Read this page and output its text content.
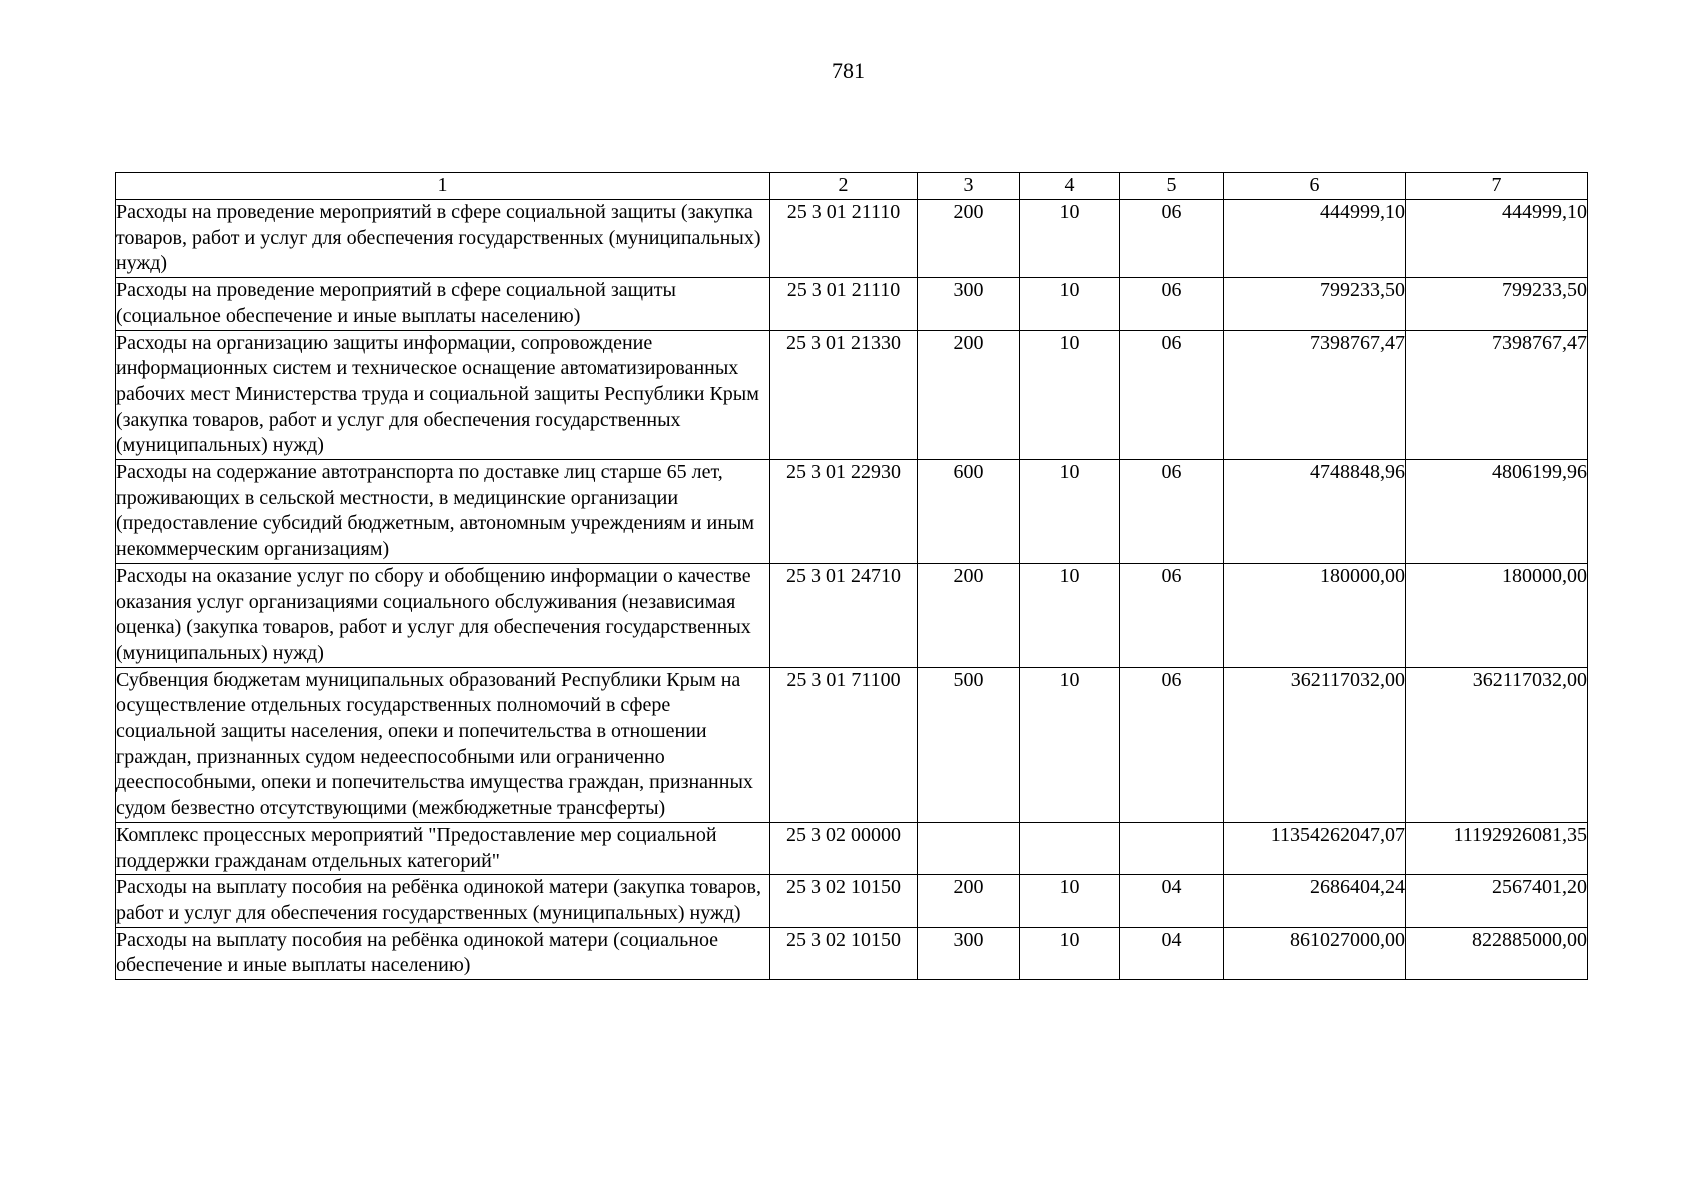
781
1	2	3	4	5	6	7
Расходы на проведение мероприятий в сфере социальной защиты (закупка товаров, работ и услуг для обеспечения государственных (муниципальных) нужд)	25 3 01 21110	200	10	06	444999,10	444999,10
Расходы на проведение мероприятий в сфере социальной защиты (социальное обеспечение и иные выплаты населению)	25 3 01 21110	300	10	06	799233,50	799233,50
Расходы на организацию защиты информации, сопровождение информационных систем и техническое оснащение автоматизированных рабочих мест Министерства труда и социальной защиты Республики Крым (закупка товаров, работ и услуг для обеспечения государственных (муниципальных) нужд)	25 3 01 21330	200	10	06	7398767,47	7398767,47
Расходы на содержание автотранспорта по доставке лиц старше 65 лет, проживающих в сельской местности, в медицинские организации (предоставление субсидий бюджетным, автономным учреждениям и иным некоммерческим организациям)	25 3 01 22930	600	10	06	4748848,96	4806199,96
Расходы на оказание услуг по сбору и обобщению информации о качестве оказания услуг организациями социального обслуживания (независимая оценка) (закупка товаров, работ и услуг для обеспечения государственных (муниципальных) нужд)	25 3 01 24710	200	10	06	180000,00	180000,00
Субвенция бюджетам муниципальных образований Республики Крым на осуществление отдельных государственных полномочий в сфере социальной защиты населения, опеки и попечительства в отношении граждан, признанных судом недееспособными или ограниченно дееспособными, опеки и попечительства имущества граждан, признанных судом безвестно отсутствующими (межбюджетные трансферты)	25 3 01 71100	500	10	06	362117032,00	362117032,00
Комплекс процессных мероприятий "Предоставление мер социальной поддержки гражданам отдельных категорий"	25 3 02 00000				11354262047,07	11192926081,35
Расходы на выплату пособия на ребёнка одинокой матери (закупка товаров, работ и услуг для обеспечения государственных (муниципальных) нужд)	25 3 02 10150	200	10	04	2686404,24	2567401,20
Расходы на выплату пособия на ребёнка одинокой матери (социальное обеспечение и иные выплаты населению)	25 3 02 10150	300	10	04	861027000,00	822885000,00
